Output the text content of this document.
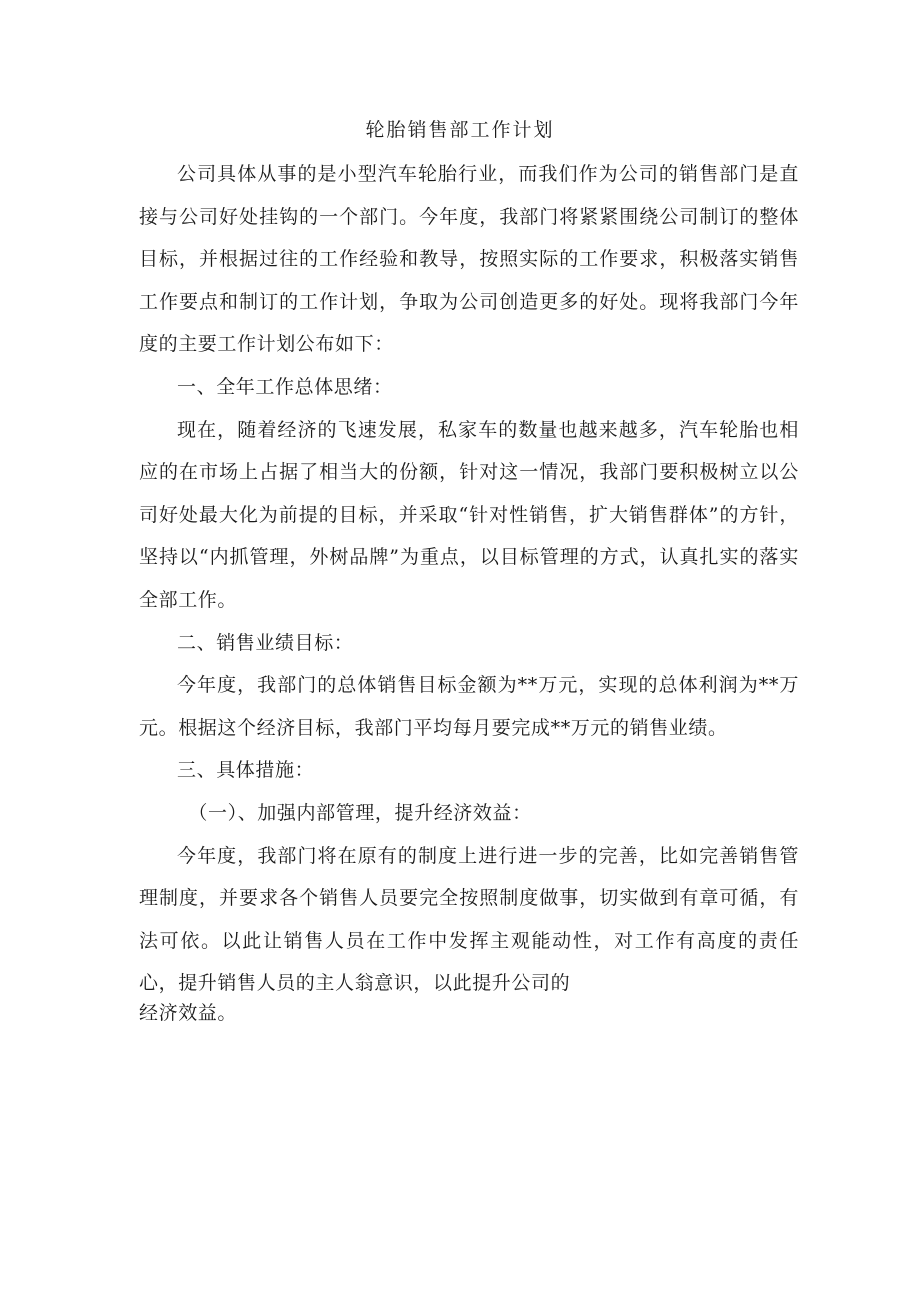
轮胎销售部工作计划

公司具体从事的是小型汽车轮胎行业，而我们作为公司的销售部门是直接与公司好处挂钩的一个部门。今年度，我部门将紧紧围绕公司制订的整体目标，并根据过往的工作经验和教导，按照实际的工作要求，积极落实销售工作要点和制订的工作计划，争取为公司创造更多的好处。现将我部门今年度的主要工作计划公布如下：

一、全年工作总体思绪：

现在，随着经济的飞速发展，私家车的数量也越来越多，汽车轮胎也相应的在市场上占据了相当大的份额，针对这一情况，我部门要积极树立以公司好处最大化为前提的目标，并采取“针对性销售，扩大销售群体”的方针，坚持以“内抓管理，外树品牌”为重点，以目标管理的方式，认真扎实的落实全部工作。

二、销售业绩目标：

今年度，我部门的总体销售目标金额为**万元，实现的总体利润为**万元。根据这个经济目标，我部门平均每月要完成**万元的销售业绩。

三、具体措施：

（一）、加强内部管理，提升经济效益：

今年度，我部门将在原有的制度上进行进一步的完善，比如完善销售管理制度，并要求各个销售人员要完全按照制度做事，切实做到有章可循，有法可依。以此让销售人员在工作中发挥主观能动性，对工作有高度的责任心，提升销售人员的主人翁意识，以此提升公司的

经济效益。
